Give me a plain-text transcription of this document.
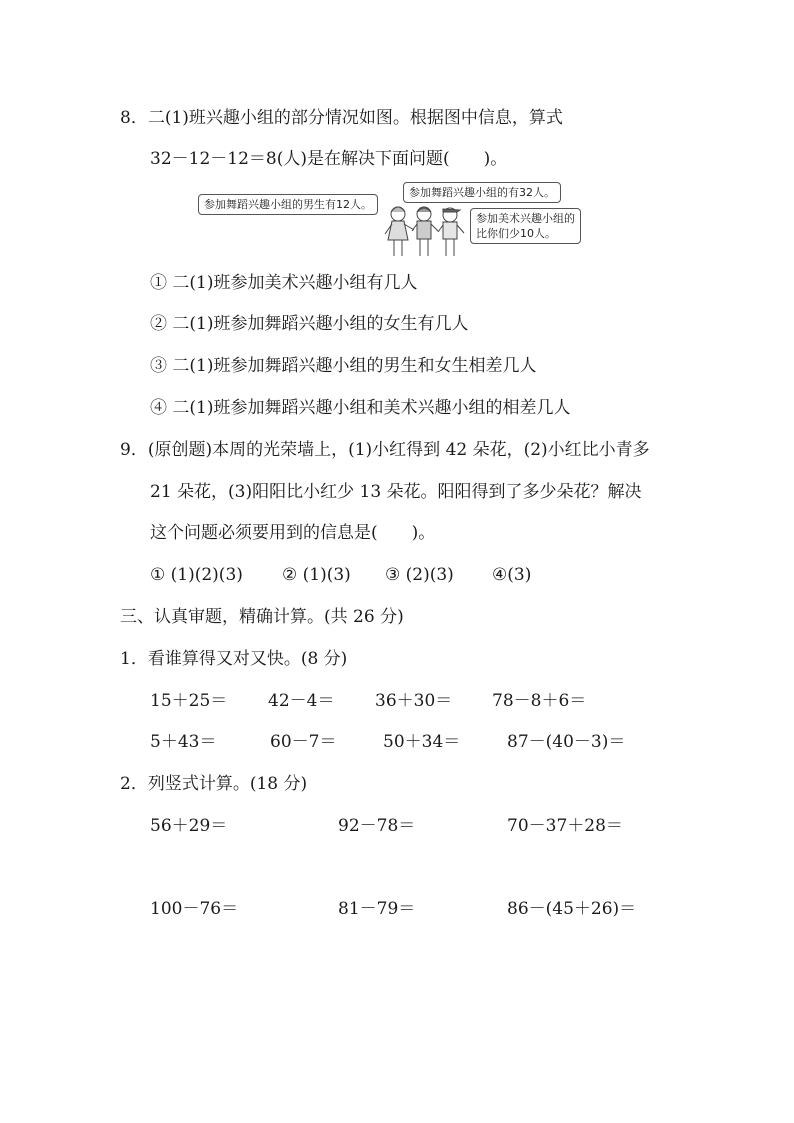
8．二(1)班兴趣小组的部分情况如图。根据图中信息，算式
32－12－12＝8(人)是在解决下面问题(　　)。
参加舞蹈兴趣小组的男生有12人。
参加舞蹈兴趣小组的有32人。
参加美术兴趣小组的
比你们少10人。
① 二(1)班参加美术兴趣小组有几人
② 二(1)班参加舞蹈兴趣小组的女生有几人
③ 二(1)班参加舞蹈兴趣小组的男生和女生相差几人
④ 二(1)班参加舞蹈兴趣小组和美术兴趣小组的相差几人
9．(原创题)本周的光荣墙上，(1)小红得到 42 朵花，(2)小红比小青多
21 朵花，(3)阳阳比小红少 13 朵花。阳阳得到了多少朵花？解决
这个问题必须要用到的信息是(　　)。
① (1)(2)(3) ② (1)(3) ③ (2)(3) ④(3)
三、认真审题，精确计算。(共 26 分)
1．看谁算得又对又快。(8 分)
15＋25＝ 42－4＝ 36＋30＝ 78－8＋6＝
5＋43＝	60－7＝	50＋34＝	87－(40－3)＝
2．列竖式计算。(18 分)
56＋29＝	92－78＝	70－37＋28＝
100－76＝	81－79＝	86－(45＋26)＝
